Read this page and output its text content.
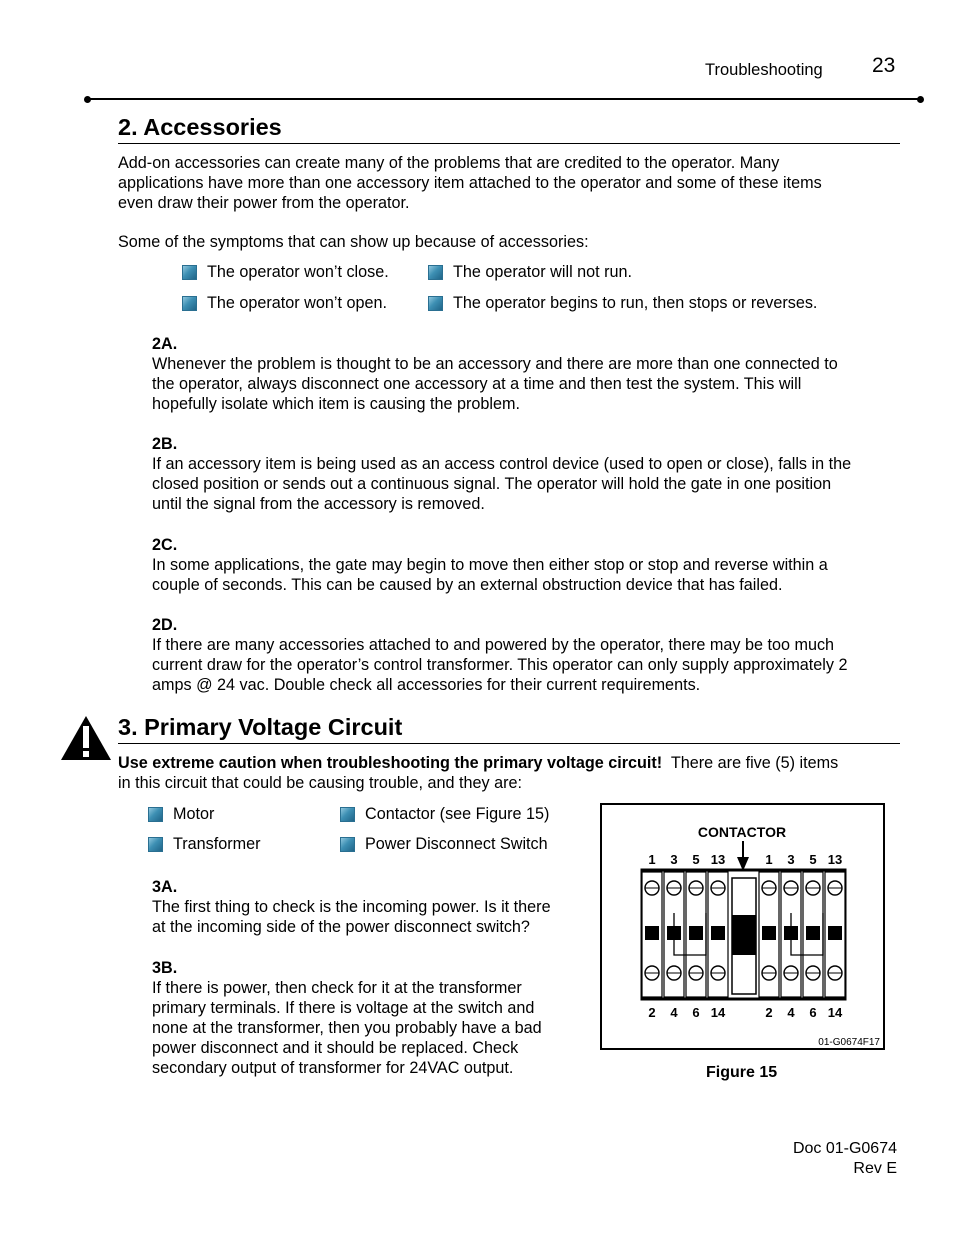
Troubleshooting 23
2. Accessories
Add-on accessories can create many of the problems that are credited to the operator. Many
applications have more than one accessory item attached to the operator and some of these items
even draw their power from the operator.
Some of the symptoms that can show up because of accessories:
The operator won’t close.	The operator will not run.
The operator won’t open.	The operator begins to run, then stops or reverses.
2A.
Whenever the problem is thought to be an accessory and there are more than one connected to
the operator, always disconnect one accessory at a time and then test the system. This will
hopefully isolate which item is causing the problem.
2B.
If an accessory item is being used as an access control device (used to open or close), falls in the
closed position or sends out a continuous signal. The operator will hold the gate in one position
until the signal from the accessory is removed.
2C.
In some applications, the gate may begin to move then either stop or stop and reverse within a
couple of seconds. This can be caused by an external obstruction device that has failed.
2D.
If there are many accessories attached to and powered by the operator, there may be too much
current draw for the operator’s control transformer. This operator can only supply approximately 2
amps @ 24 vac. Double check all accessories for their current requirements.
3. Primary Voltage Circuit
Use extreme caution when troubleshooting the primary voltage circuit!  There are five (5) items
in this circuit that could be causing trouble, and they are:
Motor	Contactor (see Figure 15)
Transformer	Power Disconnect Switch
3A.
The first thing to check is the incoming power. Is it there
at the incoming side of the power disconnect switch?
3B.
If there is power, then check for it at the transformer
primary terminals. If there is voltage at the switch and
none at the transformer, then you probably have a bad
power disconnect and it should be replaced. Check
secondary output of transformer for 24VAC output.
CONTACTOR
1 3 5 13	1 3 5 13
2 4 6 14	2 4 6 14
01-G0674F17
Figure 15
Doc 01-G0674
Rev E
